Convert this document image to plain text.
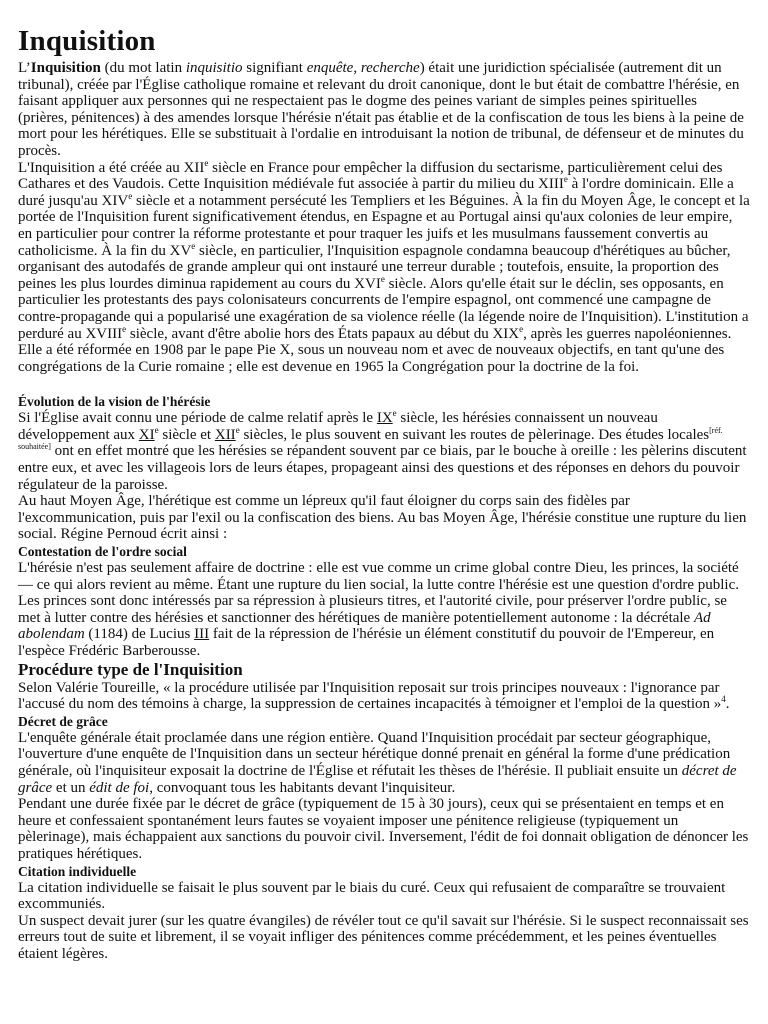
Inquisition

L’Inquisition (du mot latin inquisitio signifiant enquête, recherche) était une juridiction spécialisée (autrement dit un tribunal), créée par l'Église catholique romaine et relevant du droit canonique, dont le but était de combattre l'hérésie, en faisant appliquer aux personnes qui ne respectaient pas le dogme des peines variant de simples peines spirituelles (prières, pénitences) à des amendes lorsque l'hérésie n'était pas établie et de la confiscation de tous les biens à la peine de mort pour les hérétiques. Elle se substituait à l'ordalie en introduisant la notion de tribunal, de défenseur et de minutes du procès.

L'Inquisition a été créée au XIIe siècle en France pour empêcher la diffusion du sectarisme, particulièrement celui des Cathares et des Vaudois. Cette Inquisition médiévale fut associée à partir du milieu du XIIIe à l'ordre dominicain. Elle a duré jusqu'au XIVe siècle et a notamment persécuté les Templiers et les Béguines. À la fin du Moyen Âge, le concept et la portée de l'Inquisition furent significativement étendus, en Espagne et au Portugal ainsi qu'aux colonies de leur empire, en particulier pour contrer la réforme protestante et pour traquer les juifs et les musulmans faussement convertis au catholicisme. À la fin du XVe siècle, en particulier, l'Inquisition espagnole condamna beaucoup d'hérétiques au bûcher, organisant des autodafés de grande ampleur qui ont instauré une terreur durable ; toutefois, ensuite, la proportion des peines les plus lourdes diminua rapidement au cours du XVIe siècle. Alors qu'elle était sur le déclin, ses opposants, en particulier les protestants des pays colonisateurs concurrents de l'empire espagnol, ont commencé une campagne de contre-propagande qui a popularisé une exagération de sa violence réelle (la légende noire de l'Inquisition). L'institution a perduré au XVIIIe siècle, avant d'être abolie hors des États papaux au début du XIXe, après les guerres napoléoniennes. Elle a été réformée en 1908 par le pape Pie X, sous un nouveau nom et avec de nouveaux objectifs, en tant qu'une des congrégations de la Curie romaine ; elle est devenue en 1965 la Congrégation pour la doctrine de la foi.

Évolution de la vision de l'hérésie

Si l'Église avait connu une période de calme relatif après le IXe siècle, les hérésies connaissent un nouveau développement aux XIe siècle et XIIe siècles, le plus souvent en suivant les routes de pèlerinage. Des études locales[réf. souhaitée] ont en effet montré que les hérésies se répandent souvent par ce biais, par le bouche à oreille : les pèlerins discutent entre eux, et avec les villageois lors de leurs étapes, propageant ainsi des questions et des réponses en dehors du pouvoir régulateur de la paroisse.

Au haut Moyen Âge, l'hérétique est comme un lépreux qu'il faut éloigner du corps sain des fidèles par l'excommunication, puis par l'exil ou la confiscation des biens. Au bas Moyen Âge, l'hérésie constitue une rupture du lien social. Régine Pernoud écrit ainsi :

Contestation de l'ordre social

L'hérésie n'est pas seulement affaire de doctrine : elle est vue comme un crime global contre Dieu, les princes, la société — ce qui alors revient au même. Étant une rupture du lien social, la lutte contre l'hérésie est une question d'ordre public. Les princes sont donc intéressés par sa répression à plusieurs titres, et l'autorité civile, pour préserver l'ordre public, se met à lutter contre des hérésies et sanctionner des hérétiques de manière potentiellement autonome : la décrétale Ad abolendam (1184) de Lucius III fait de la répression de l'hérésie un élément constitutif du pouvoir de l'Empereur, en l'espèce Frédéric Barberousse.

Procédure type de l'Inquisition

Selon Valérie Toureille, « la procédure utilisée par l'Inquisition reposait sur trois principes nouveaux : l'ignorance par l'accusé du nom des témoins à charge, la suppression de certaines incapacités à témoigner et l'emploi de la question »$^4$.

Décret de grâce

L'enquête générale était proclamée dans une région entière. Quand l'Inquisition procédait par secteur géographique, l'ouverture d'une enquête de l'Inquisition dans un secteur hérétique donné prenait en général la forme d'une prédication générale, où l'inquisiteur exposait la doctrine de l'Église et réfutait les thèses de l'hérésie. Il publiait ensuite un décret de grâce et un édit de foi, convoquant tous les habitants devant l'inquisiteur.

Pendant une durée fixée par le décret de grâce (typiquement de 15 à 30 jours), ceux qui se présentaient en temps et en heure et confessaient spontanément leurs fautes se voyaient imposer une pénitence religieuse (typiquement un pèlerinage), mais échappaient aux sanctions du pouvoir civil. Inversement, l'édit de foi donnait obligation de dénoncer les pratiques hérétiques.

Citation individuelle

La citation individuelle se faisait le plus souvent par le biais du curé. Ceux qui refusaient de comparaître se trouvaient excommuniés.

Un suspect devait jurer (sur les quatre évangiles) de révéler tout ce qu'il savait sur l'hérésie. Si le suspect reconnaissait ses erreurs tout de suite et librement, il se voyait infliger des pénitences comme précédemment, et les peines éventuelles étaient légères.
